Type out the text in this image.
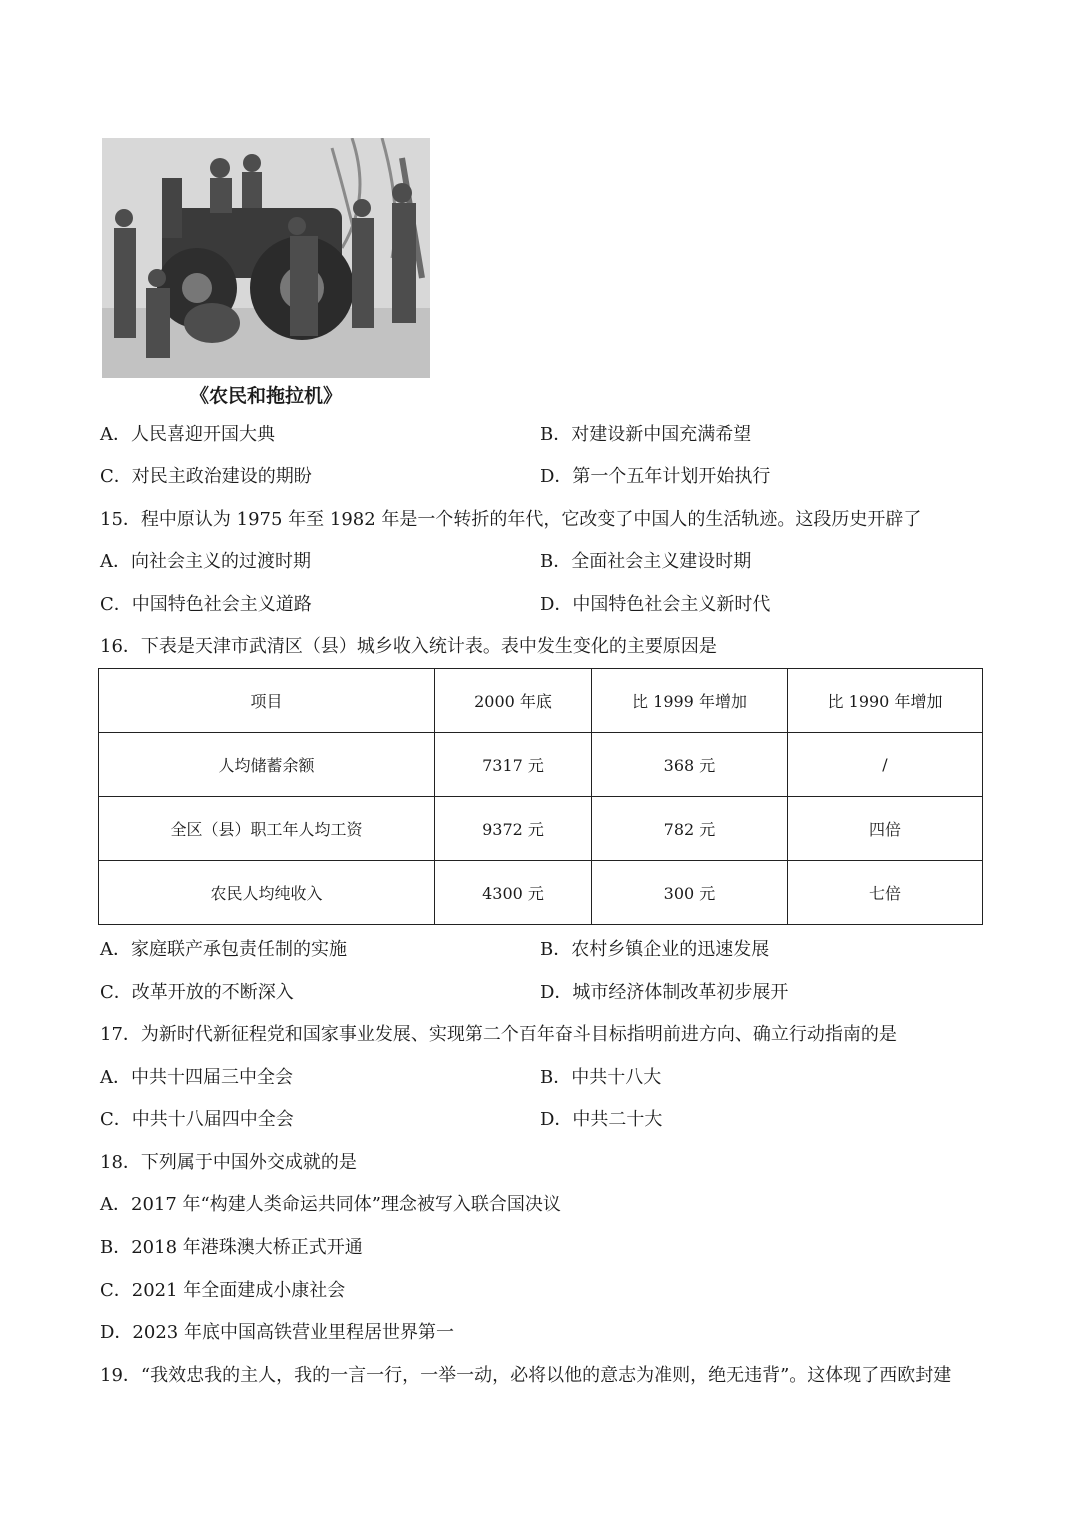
《农民和拖拉机》
A．人民喜迎开国大典	B．对建设新中国充满希望
C．对民主政治建设的期盼	D．第一个五年计划开始执行
15．程中原认为 1975 年至 1982 年是一个转折的年代，它改变了中国人的生活轨迹。这段历史开辟了
A．向社会主义的过渡时期	B．全面社会主义建设时期
C．中国特色社会主义道路	D．中国特色社会主义新时代
16．下表是天津市武清区（县）城乡收入统计表。表中发生变化的主要原因是
项目	2000 年底	比 1999 年增加	比 1990 年增加
人均储蓄余额	7317 元	368 元	/
全区（县）职工年人均工资	9372 元	782 元	四倍
农民人均纯收入	4300 元	300 元	七倍
A．家庭联产承包责任制的实施	B．农村乡镇企业的迅速发展
C．改革开放的不断深入	D．城市经济体制改革初步展开
17．为新时代新征程党和国家事业发展、实现第二个百年奋斗目标指明前进方向、确立行动指南的是
A．中共十四届三中全会	B．中共十八大
C．中共十八届四中全会	D．中共二十大
18．下列属于中国外交成就的是
A．2017 年“构建人类命运共同体”理念被写入联合国决议
B．2018 年港珠澳大桥正式开通
C．2021 年全面建成小康社会
D．2023 年底中国高铁营业里程居世界第一
19．“我效忠我的主人，我的一言一行，一举一动，必将以他的意志为准则，绝无违背”。这体现了西欧封建
